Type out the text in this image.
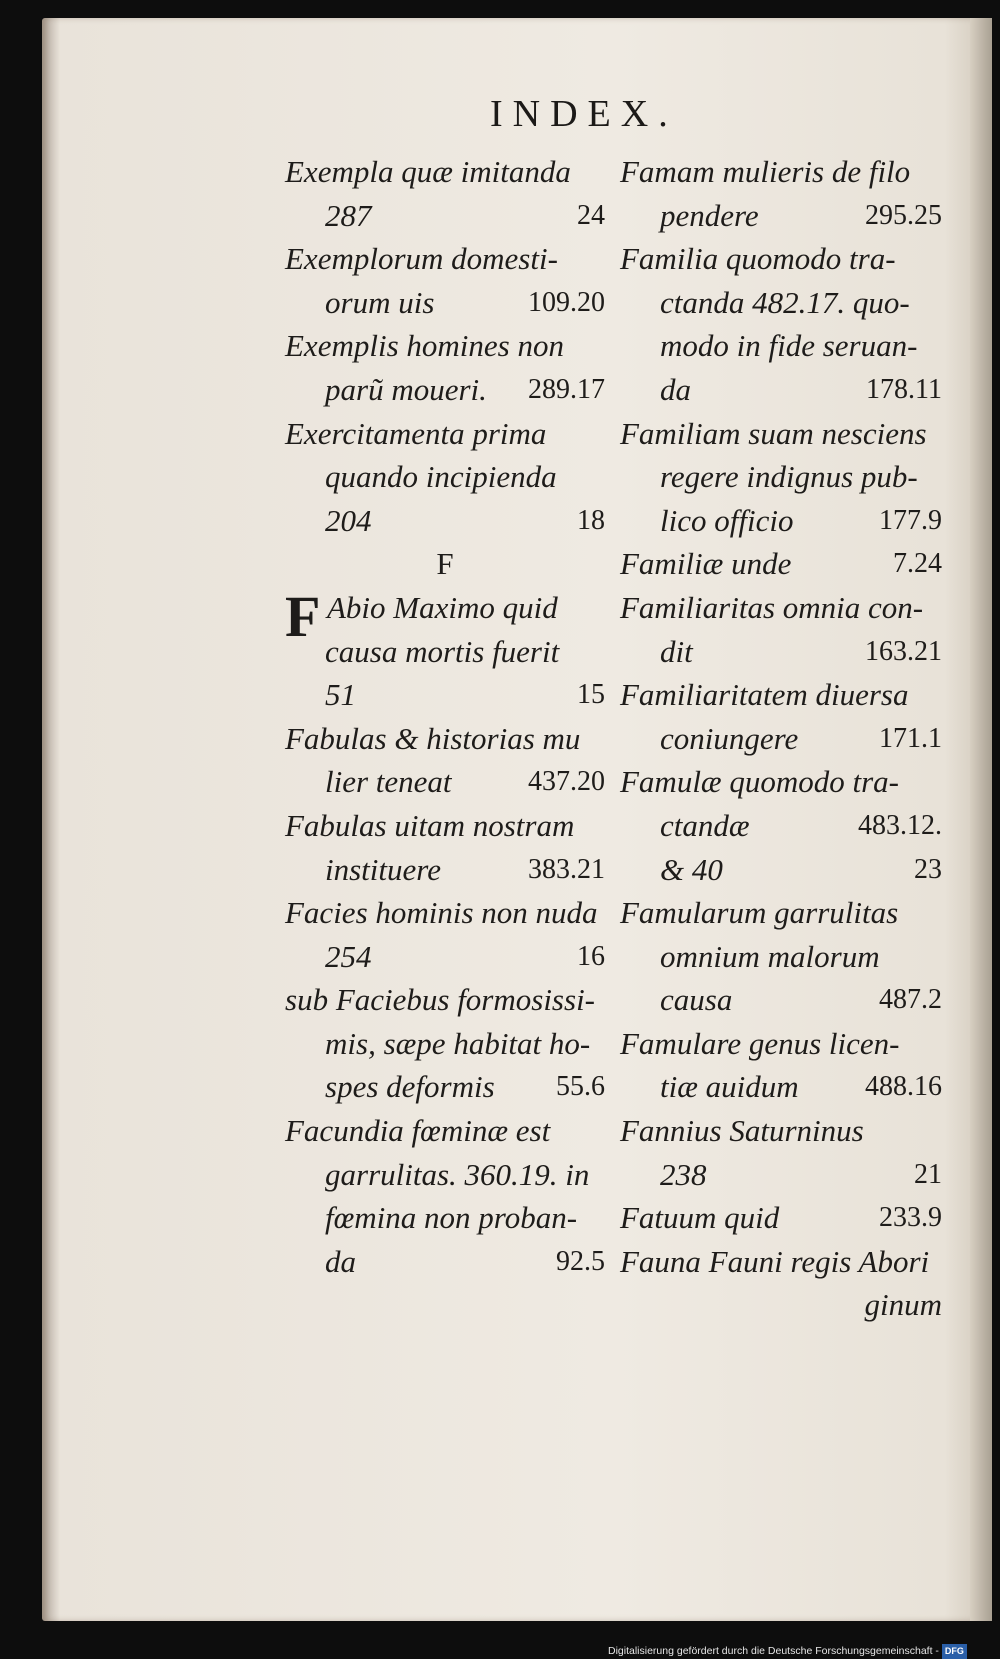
INDEX.
Exempla quæ imitanda
287	24
Exemplorum domesti-
orum uis	109.20
Exemplis homines non
parũ moueri. 289.17
Exercitamenta prima
quando incipienda
204	18
F
Abio Maximo quid
F
causa mortis fuerit
51	15
Fabulas & historias mu
lier teneat	437.20
Fabulas uitam nostram
instituere	383.21
Facies hominis non nuda
254	16
sub Faciebus formosissi-
mis, sæpe habitat ho-
spes deformis 55.6
Facundia fœminæ est
garrulitas. 360.19. in
fœmina non proban-
da	92.5
Famam mulieris de filo
pendere	295.25
Familia quomodo tra-
ctanda 482.17. quo-
modo in fide seruan-
da	178.11
Familiam suam nesciens
regere indignus pub-
lico officio	177.9
Familiæ unde	7.24
Familiaritas omnia con-
dit	163.21
Familiaritatem diuersa
coniungere	171.1
Famulæ quomodo tra-
ctandæ	483.12.
& 40	23
Famularum garrulitas
omnium malorum
causa	487.2
Famulare genus licen-
tiæ auidum 488.16
Fannius Saturninus
238	21
Fatuum quid	233.9
Fauna Fauni regis Abori
ginum
Digitalisierung gefördert durch die Deutsche Forschungsgemeinschaft - DFG
